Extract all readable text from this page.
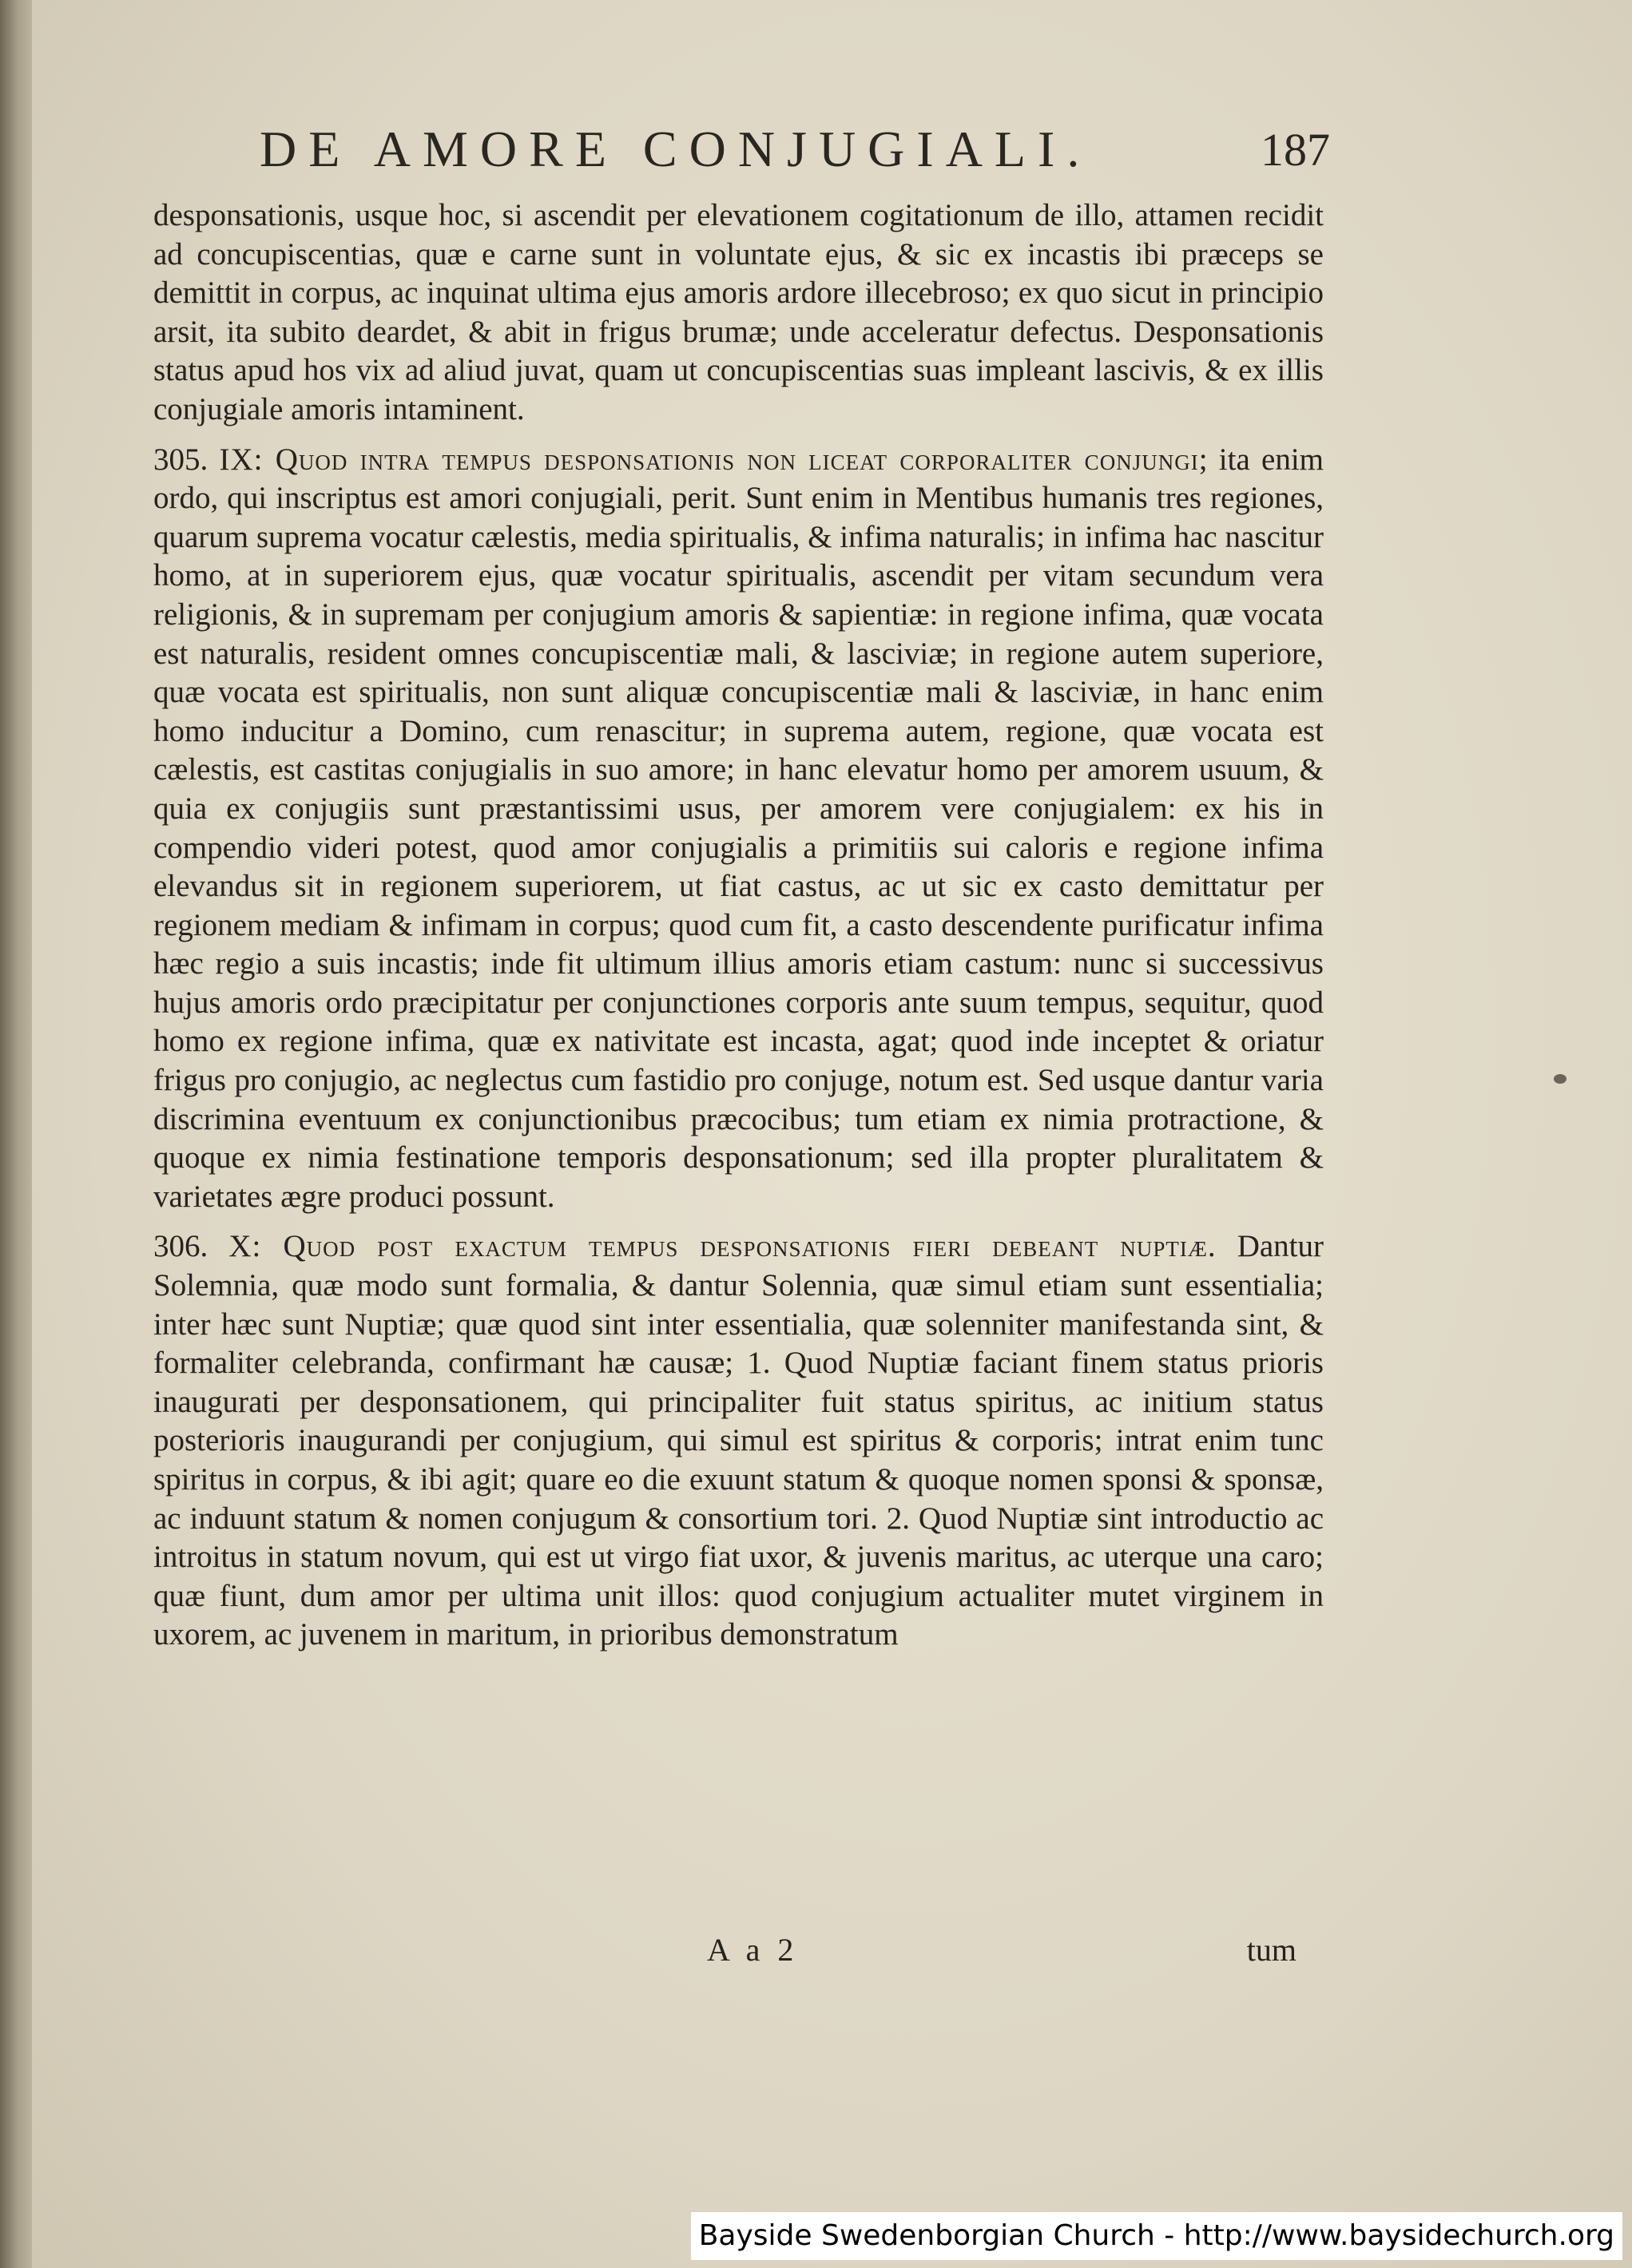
DE AMORE CONJUGIALI.	187

desponsationis, usque hoc, si ascendit per elevationem cogitationum de illo, attamen recidit ad concupiscentias, quæ e carne sunt in voluntate ejus, & sic ex incastis ibi præceps se demittit in corpus, ac inquinat ultima ejus amoris ardore illecebroso; ex quo sicut in principio arsit, ita subito deardet, & abit in frigus brumæ; unde acceleratur defectus. Desponsationis status apud hos vix ad aliud juvat, quam ut concupiscentias suas impleant lascivis, & ex illis conjugiale amoris intaminent.

305. IX: Quod intra tempus desponsationis non liceat corporaliter conjungi; ita enim ordo, qui inscriptus est amori conjugiali, perit. Sunt enim in Mentibus humanis tres regiones, quarum suprema vocatur cælestis, media spiritualis, & infima naturalis; in infima hac nascitur homo, at in superiorem ejus, quæ vocatur spiritualis, ascendit per vitam secundum vera religionis, & in supremam per conjugium amoris & sapientiæ: in regione infima, quæ vocata est naturalis, resident omnes concupiscentiæ mali, & lasciviæ; in regione autem superiore, quæ vocata est spiritualis, non sunt aliquæ concupiscentiæ mali & lasciviæ, in hanc enim homo inducitur a Domino, cum renascitur; in suprema autem, regione, quæ vocata est cælestis, est castitas conjugialis in suo amore; in hanc elevatur homo per amorem usuum, & quia ex conjugiis sunt præstantissimi usus, per amorem vere conjugialem: ex his in compendio videri potest, quod amor conjugialis a primitiis sui caloris e regione infima elevandus sit in regionem superiorem, ut fiat castus, ac ut sic ex casto demittatur per regionem mediam & infimam in corpus; quod cum fit, a casto descendente purificatur infima hæc regio a suis incastis; inde fit ultimum illius amoris etiam castum: nunc si successivus hujus amoris ordo præcipitatur per conjunctiones corporis ante suum tempus, sequitur, quod homo ex regione infima, quæ ex nativitate est incasta, agat; quod inde inceptet & oriatur frigus pro conjugio, ac neglectus cum fastidio pro conjuge, notum est. Sed usque dantur varia discrimina eventuum ex conjunctionibus præcocibus; tum etiam ex nimia protractione, & quoque ex nimia festinatione temporis desponsationum; sed illa propter pluralitatem & varietates ægre produci possunt.

306. X: Quod post exactum tempus desponsationis fieri debeant nuptiæ. Dantur Solemnia, quæ modo sunt formalia, & dantur Solennia, quæ simul etiam sunt essentialia; inter hæc sunt Nuptiæ; quæ quod sint inter essentialia, quæ solenniter manifestanda sint, & formaliter celebranda, confirmant hæ causæ; 1. Quod Nuptiæ faciant finem status prioris inaugurati per desponsationem, qui principaliter fuit status spiritus, ac initium status posterioris inaugurandi per conjugium, qui simul est spiritus & corporis; intrat enim tunc spiritus in corpus, & ibi agit; quare eo die exuunt statum & quoque nomen sponsi & sponsæ, ac induunt statum & nomen conjugum & consortium tori. 2. Quod Nuptiæ sint introductio ac introitus in statum novum, qui est ut virgo fiat uxor, & juvenis maritus, ac uterque una caro; quæ fiunt, dum amor per ultima unit illos: quod conjugium actualiter mutet virginem in uxorem, ac juvenem in maritum, in prioribus demonstratum

A a 2	tum
Bayside Swedenborgian Church - http://www.baysidechurch.org
